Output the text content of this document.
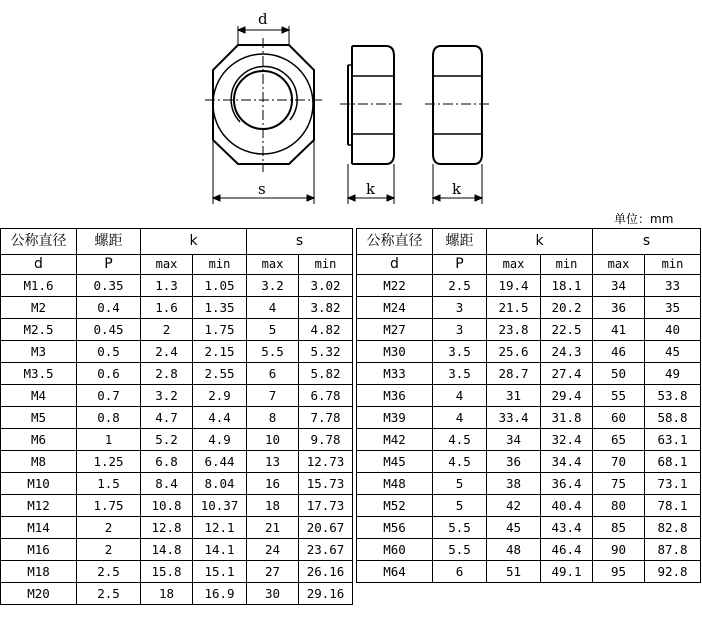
d
s	k	k
单位：mm
公称直径	螺距	k		s	
d	P	max	min	max	min
M1.6	0.35	1.3	1.05	3.2	3.02
M2	0.4	1.6	1.35	4	3.82
M2.5	0.45	2	1.75	5	4.82
M3	0.5	2.4	2.15	5.5	5.32
M3.5	0.6	2.8	2.55	6	5.82
M4	0.7	3.2	2.9	7	6.78
M5	0.8	4.7	4.4	8	7.78
M6	1	5.2	4.9	10	9.78
M8	1.25	6.8	6.44	13	12.73
M10	1.5	8.4	8.04	16	15.73
M12	1.75	10.8	10.37	18	17.73
M14	2	12.8	12.1	21	20.67
M16	2	14.8	14.1	24	23.67
M18	2.5	15.8	15.1	27	26.16
M20	2.5	18	16.9	30	29.16
公称直径	螺距	k		s	
d	P	max	min	max	min
M22	2.5	19.4	18.1	34	33
M24	3	21.5	20.2	36	35
M27	3	23.8	22.5	41	40
M30	3.5	25.6	24.3	46	45
M33	3.5	28.7	27.4	50	49
M36	4	31	29.4	55	53.8
M39	4	33.4	31.8	60	58.8
M42	4.5	34	32.4	65	63.1
M45	4.5	36	34.4	70	68.1
M48	5	38	36.4	75	73.1
M52	5	42	40.4	80	78.1
M56	5.5	45	43.4	85	82.8
M60	5.5	48	46.4	90	87.8
M64	6	51	49.1	95	92.8
